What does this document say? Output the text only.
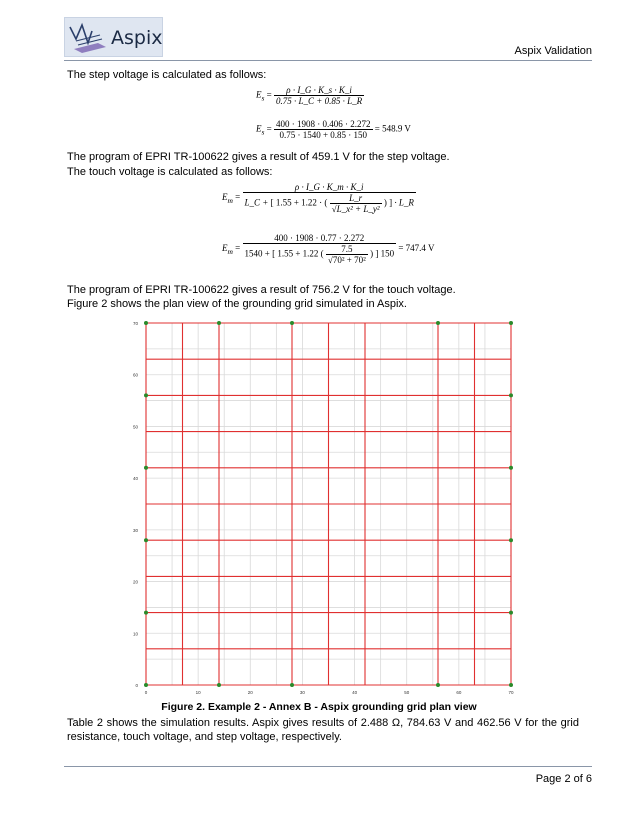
Aspix
Aspix Validation
The step voltage is calculated as follows:
$E_s = \frac{\rho \cdot I\_G \cdot K\_s \cdot K\_i}{0.75 \cdot L\_C + 0.85 \cdot L\_R}$
$E_s = \frac{400 \cdot 1908 \cdot 0.406 \cdot 2.272}{0.75 \cdot 1540 + 0.85 \cdot 150} = 548.9$ V
The program of EPRI TR-100622 gives a result of 459.1 V for the step voltage.
The touch voltage is calculated as follows:
$E_m = \frac{\rho \cdot I\_G \cdot K\_m \cdot K\_i}{L\_C + [ 1.55 + 1.22 \cdot ( \frac{L\_r}{\text{√L\_x² + L\_y²}} ) ] \cdot L\_R}$
$E_m = \frac{400 \cdot 1908 \cdot 0.77 \cdot 2.272}{1540 + [ 1.55 + 1.22 ( \frac{7.5}{\text{√70² + 70²}} ) ] 150} = 747.4$ V
The program of EPRI TR-100622 gives a result of 756.2 V for the touch voltage.
Figure 2 shows the plan view of the grounding grid simulated in Aspix.
0	10	20	30	40	50	60	70
0
10
20
30
40
50
60
70
Figure 2. Example 2 - Annex B - Aspix grounding grid plan view
Table 2 shows the simulation results. Aspix gives results of 2.488 Ω, 784.63 V and 462.56 V for the grid resistance, touch voltage, and step voltage, respectively.
Page 2 of 6
